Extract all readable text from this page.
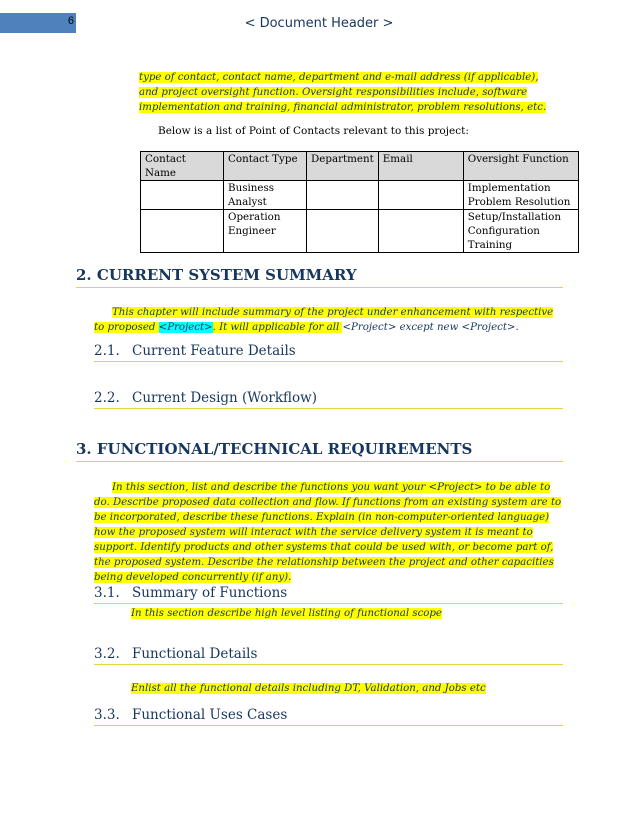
6	< Document Header >
type of contact, contact name, department and e-mail address (if applicable), and project oversight function. Oversight responsibilities include, software implementation and training, financial administrator, problem resolutions, etc.
Below is a list of Point of Contacts relevant to this project:
Contact Name	Contact Type	Department	Email	Oversight Function
	Business Analyst			Implementation Problem Resolution
	Operation Engineer			Setup/Installation Configuration Training
2. CURRENT SYSTEM SUMMARY
This chapter will include summary of the project under enhancement with respective to proposed <Project>. It will applicable for all <Project> except new <Project>.
2.1. Current Feature Details
2.2. Current Design (Workflow)
3. FUNCTIONAL/TECHNICAL REQUIREMENTS
In this section, list and describe the functions you want your <Project> to be able to do. Describe proposed data collection and flow. If functions from an existing system are to be incorporated, describe these functions. Explain (in non-computer-oriented language) how the proposed system will interact with the service delivery system it is meant to support. Identify products and other systems that could be used with, or become part of, the proposed system. Describe the relationship between the project and other capacities being developed concurrently (if any).
3.1. Summary of Functions
In this section describe high level listing of functional scope
3.2. Functional Details
Enlist all the functional details including DT, Validation, and Jobs etc
3.3. Functional Uses Cases
